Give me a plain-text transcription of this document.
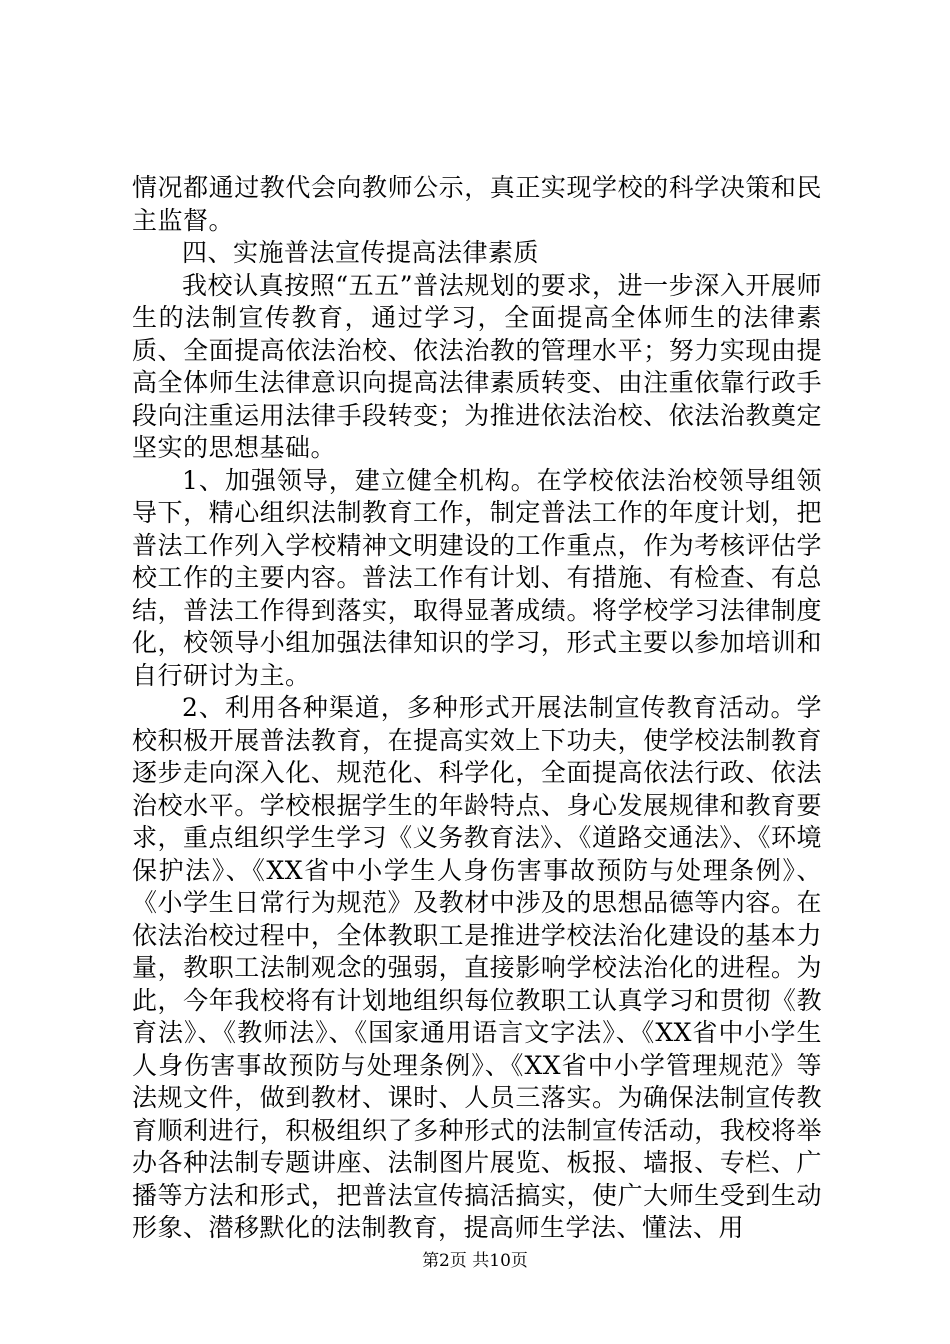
情况都通过教代会向教师公示，真正实现学校的科学决策和民主监督。

四、实施普法宣传提高法律素质

我校认真按照“五五”普法规划的要求，进一步深入开展师生的法制宣传教育，通过学习，全面提高全体师生的法律素质、全面提高依法治校、依法治教的管理水平；努力实现由提高全体师生法律意识向提高法律素质转变、由注重依靠行政手段向注重运用法律手段转变；为推进依法治校、依法治教奠定坚实的思想基础。

1、加强领导，建立健全机构。在学校依法治校领导组领导下，精心组织法制教育工作，制定普法工作的年度计划，把普法工作列入学校精神文明建设的工作重点，作为考核评估学校工作的主要内容。普法工作有计划、有措施、有检查、有总结，普法工作得到落实，取得显著成绩。将学校学习法律制度化，校领导小组加强法律知识的学习，形式主要以参加培训和自行研讨为主。

2、利用各种渠道，多种形式开展法制宣传教育活动。学校积极开展普法教育，在提高实效上下功夫，使学校法制教育逐步走向深入化、规范化、科学化，全面提高依法行政、依法治校水平。学校根据学生的年龄特点、身心发展规律和教育要求，重点组织学生学习《义务教育法》、《道路交通法》、《环境保护法》、《XX省中小学生人身伤害事故预防与处理条例》、《小学生日常行为规范》及教材中涉及的思想品德等内容。在依法治校过程中，全体教职工是推进学校法治化建设的基本力量，教职工法制观念的强弱，直接影响学校法治化的进程。为此，今年我校将有计划地组织每位教职工认真学习和贯彻《教育法》、《教师法》、《国家通用语言文字法》、《XX省中小学生人身伤害事故预防与处理条例》、《XX省中小学管理规范》等法规文件，做到教材、课时、人员三落实。为确保法制宣传教育顺利进行，积极组织了多种形式的法制宣传活动，我校将举办各种法制专题讲座、法制图片展览、板报、墙报、专栏、广播等方法和形式，把普法宣传搞活搞实，使广大师生受到生动形象、潜移默化的法制教育，提高师生学法、懂法、用

第2页 共10页
